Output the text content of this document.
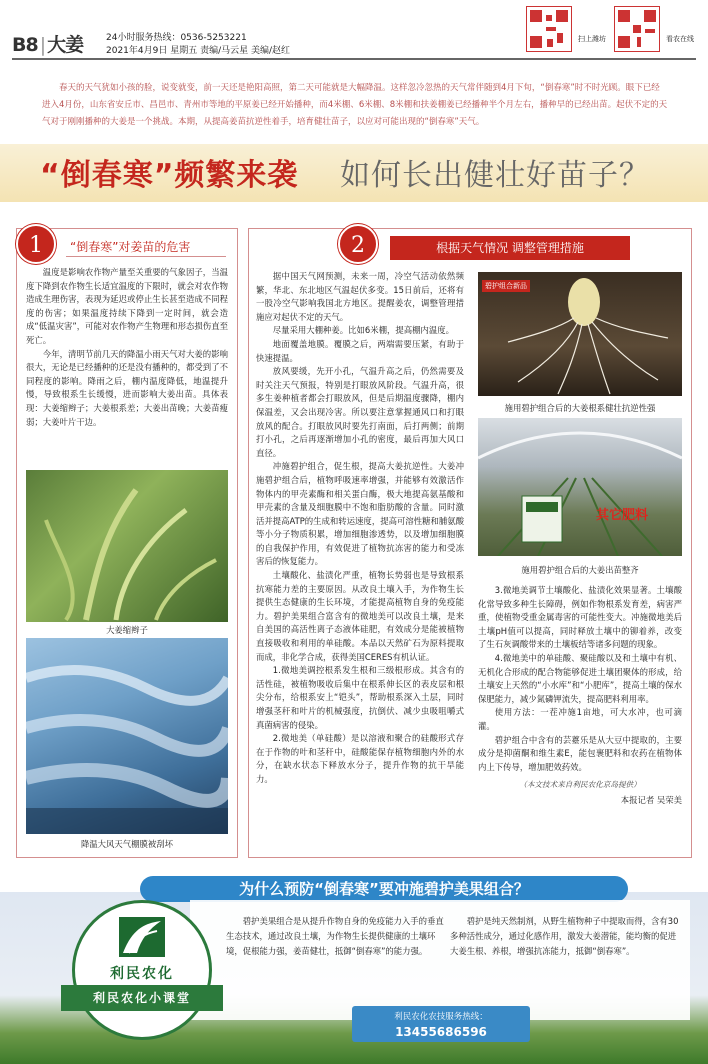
B8 | 大姜	24小时服务热线：0536-5253221
2021年4月9日 星期五 责编/马云星 美编/赵红
扫上潍坊	看农在线
春天的天气犹如小孩的脸，说变就变，前一天还是艳阳高照，第二天可能就是大幅降温。这样忽冷忽热的天气常伴随到4月下旬，“倒春寒”时不时光顾。眼下已经进入4月份，山东省安丘市、昌邑市、青州市等地的平原姜已经开始播种，而4米棚、6米棚、8米棚和扶姜棚姜已经播种半个月左右，播种早的已经出苗。起伏不定的天气对于刚刚播种的大姜是一个挑战。本期，从提高姜苗抗逆性着手，培育健壮苗子，以应对可能出现的“倒春寒”天气。
“倒春寒”频繁来袭 如何长出健壮好苗子？
1	“倒春寒”对姜苗的危害

温度是影响农作物产量至关重要的气象因子，当温度下降到农作物生长适宜温度的下限时，就会对农作物造成生理伤害，表现为延迟或停止生长甚至造成不同程度的伤害；如果温度持续下降到一定时间，就会造成“低温灾害”，可能对农作物产生物理和形态损伤直至死亡。

今年，清明节前几天的降温小雨天气对大姜的影响很大，无论是已经播种的还是没有播种的，都受到了不同程度的影响。降雨之后，棚内温度降低，地温提升慢，导致根系生长缓慢，进而影响大姜出苗。具体表现：大姜缩辫子；大姜根系差；大姜出苗晚；大姜苗瘦弱；大姜叶片干边。

大姜缩辫子
降温大风天气棚膜被刮坏
2	根据天气情况 调整管理措施

据中国天气网预测，未来一周，冷空气活动依然频繁，华北、东北地区气温起伏多变。15日前后，还将有一股冷空气影响我国北方地区。提醒姜农，调整管理措施应对起伏不定的天气。

尽量采用大棚种姜。比如6米棚，提高棚内温度。

地面覆盖地膜。覆膜之后，两端需要压紧，有助于快速提温。

放风要缓，先开小孔，气温升高之后，仍然需要及时关注天气预报，特别是打眼放风阶段。气温升高，很多生姜种植者都会打眼放风，但是后期温度骤降，棚内保温差，又会出现冷害。所以要注意掌握通风口和打眼放风的配合。打眼放风时要先打南面，后打两侧；前期打小孔，之后再逐渐增加小孔的密度，最后再加大风口直径。

冲施碧护组合，促生根，提高大姜抗逆性。大姜冲施碧护组合后，植物呼吸速率增强，并能够有效激活作物体内的甲壳素酶和相关蛋白酶，极大地提高氨基酸和甲壳素的含量及细胞膜中不饱和脂肪酸的含量。同时激活并提高ATP的生成和转运速度，提高可溶性糖和脯氨酸等小分子物质积累，增加细胞渗透势，以及增加细胞膜的自我保护作用，有效促进了植物抗冻害的能力和受冻害后的恢复能力。

土壤酸化、盐渍化严重，植物长势弱也是导致根系抗寒能力差的主要原因。从改良土壤入手，为作物生长提供生态健康的生长环境，才能提高植物自身的免疫能力。碧护美果组合富含有的微地美可以改良土壤，是来自美国的高活性离子态液体硅肥，有效成分是能被植物直接吸收和利用的单硅酸。本品以天然矿石为原料提取而成，非化学合成，获得美国CERES有机认证。

1.微地美调控根系发生根和三级根形成。其含有的活性硅，被植物吸收后集中在根系伸长区的表皮层和根尖分布，给根系安上“铠头”，帮助根系深入土层，同时增强茎秆和叶片的机械强度，抗倒伏、减少虫吸咀嚼式真菌病害的侵染。

2.微地美（单硅酸）是以溶液和聚合的硅酸形式存在于作物的叶和茎秆中，硅酸能保存植物细胞内外的水分，在缺水状态下释放水分子，提升作物的抗干旱能力。

碧护组合新品
施用碧护组合后的大姜根系健壮抗逆性强
其它肥料
施用碧护组合后的大姜出苗整齐

3.微地美调节土壤酸化、盐渍化效果显著。土壤酸化常导致多种生长障碍，例如作物根系发育差，病害严重，使植物受重金属毒害的可能性变大。冲施微地美后土壤pH值可以提高，同时释放土壤中的铆着养，改变了生石灰调酸带来的土壤板结等诸多问题的现象。

4.微地美中的单硅酸、聚硅酸以及和土壤中有机、无机化合形成的配合物能够促进土壤团聚体的形成，给土壤安上天然的“小水库”和“小肥库”，提高土壤的保水保肥能力，减少氮磷钾流失，提高肥料利用率。

使用方法：一茬冲施1亩地，可大水冲，也可滴灌。

碧护组合中含有的芸薹乐是从大豆中提取的，主要成分是抑菌酮和维生素E，能包裹肥料和农药在植物体内上下传导，增加肥效药效。

（本文技术来自利民农化京岛提供）
本报记者 吴荣美
为什么预防“倒春寒”要冲施碧护美果组合？
碧护美果组合是从提升作物自身的免疫能力入手的垂直生态技术，通过改良土壤，为作物生长提供健康的土壤环境，促根能力强，姜苗健壮，抵御“倒春寒”的能力强。
碧护是纯天然制剂，从野生植物种子中提取而得，含有30多种活性成分，通过化感作用，激发大姜潜能，能均衡的促进大姜生根、养根，增强抗冻能力，抵御“倒春寒”。
利民农化农技服务热线：
13455686596
利民农化
利民农化小课堂
